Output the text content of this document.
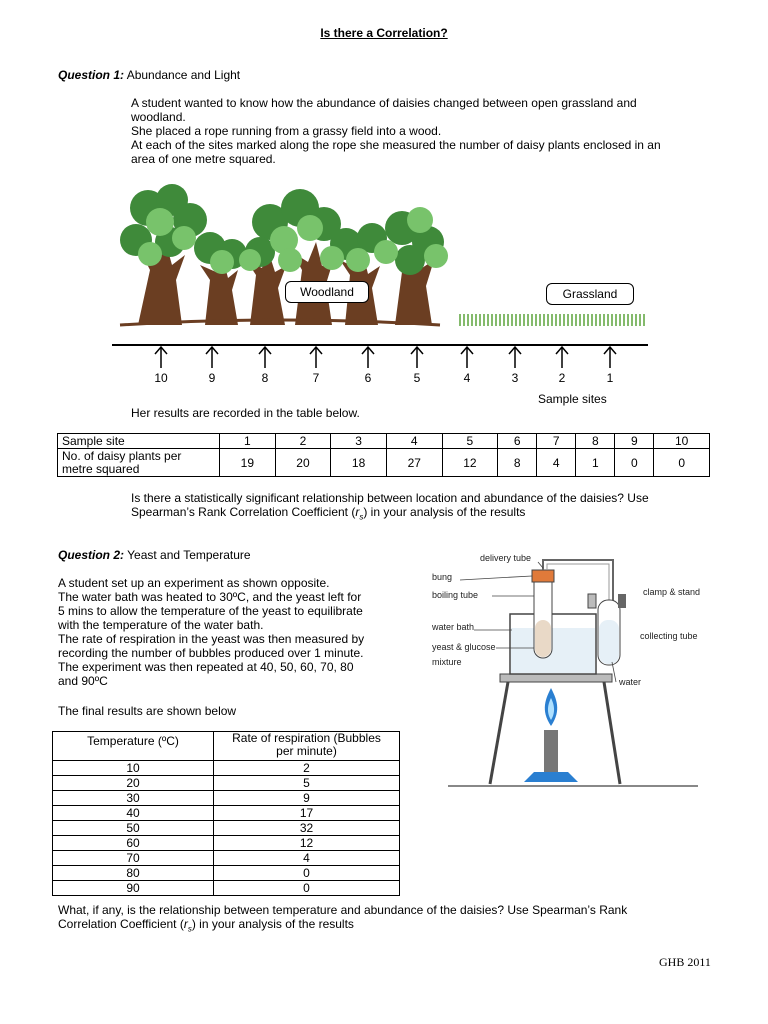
Is there a Correlation?
Question 1: Abundance and Light
A student wanted to know how the abundance of daisies changed between open grassland and
woodland.
She placed a rope running from a grassy field into a wood.
At each of the sites marked along the rope she measured the number of daisy plants enclosed in an
area of one metre squared.
Woodland	Grassland
10	9	8	7	6	5	4	3	2	1
Sample sites
Her results are recorded in the table below.
Sample site	1	2	3	4	5	6	7	8	9	10

No. of daisy plants per
metre squared	19	20	18	27	12	8	4	1	0	0
Is there a statistically significant relationship between location and abundance of the daisies? Use
Spearman’s Rank Correlation Coefficient $(r_s)$ in your analysis of the results
Question 2: Yeast and Temperature
A student set up an experiment as shown opposite.
The water bath was heated to 30ºC, and the yeast left for
5 mins to allow the temperature of the yeast to equilibrate
with the temperature of the water bath.
The rate of respiration in the yeast was then measured by
recording the number of bubbles produced over 1 minute.
The experiment was then repeated at 40, 50, 60, 70, 80
and 90ºC
The final results are shown below
Temperature (ºC)	Rate of respiration (Bubbles
per minute)

10	2
20	5
30	9
40	17
50	32
60	12
70	4
80	0
90	0
delivery tube
bung
boiling tube	clamp & stand
water bath
collecting tube
yeast & glucose
mixture
water
What, if any, is the relationship between temperature and abundance of the daisies? Use Spearman’s Rank
Correlation Coefficient $(r_s)$ in your analysis of the results
GHB 2011
